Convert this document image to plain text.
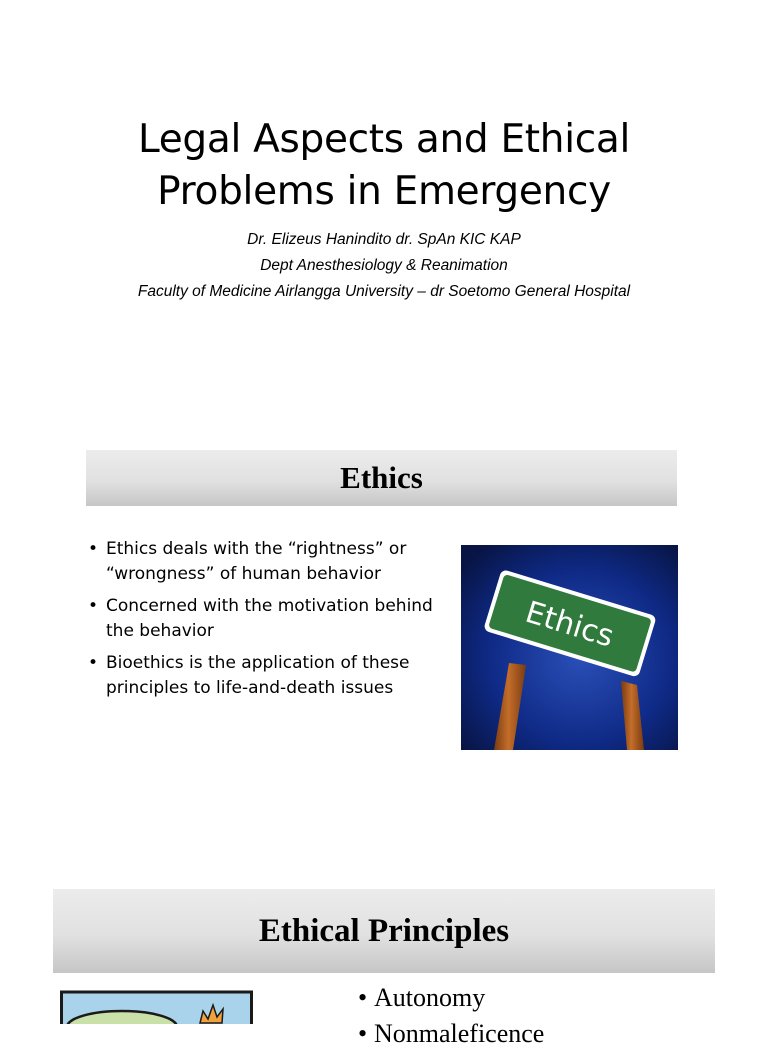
Legal Aspects and Ethical Problems in Emergency
Dr. Elizeus Hanindito dr. SpAn KIC KAP
Dept Anesthesiology & Reanimation
Faculty of Medicine Airlangga University – dr Soetomo General Hospital
Ethics
• Ethics deals with the “rightness” or “wrongness” of human behavior
• Concerned with the motivation behind the behavior
• Bioethics is the application of these principles to life-and-death issues
Ethics
Ethical Principles
• Autonomy
• Nonmaleficence
